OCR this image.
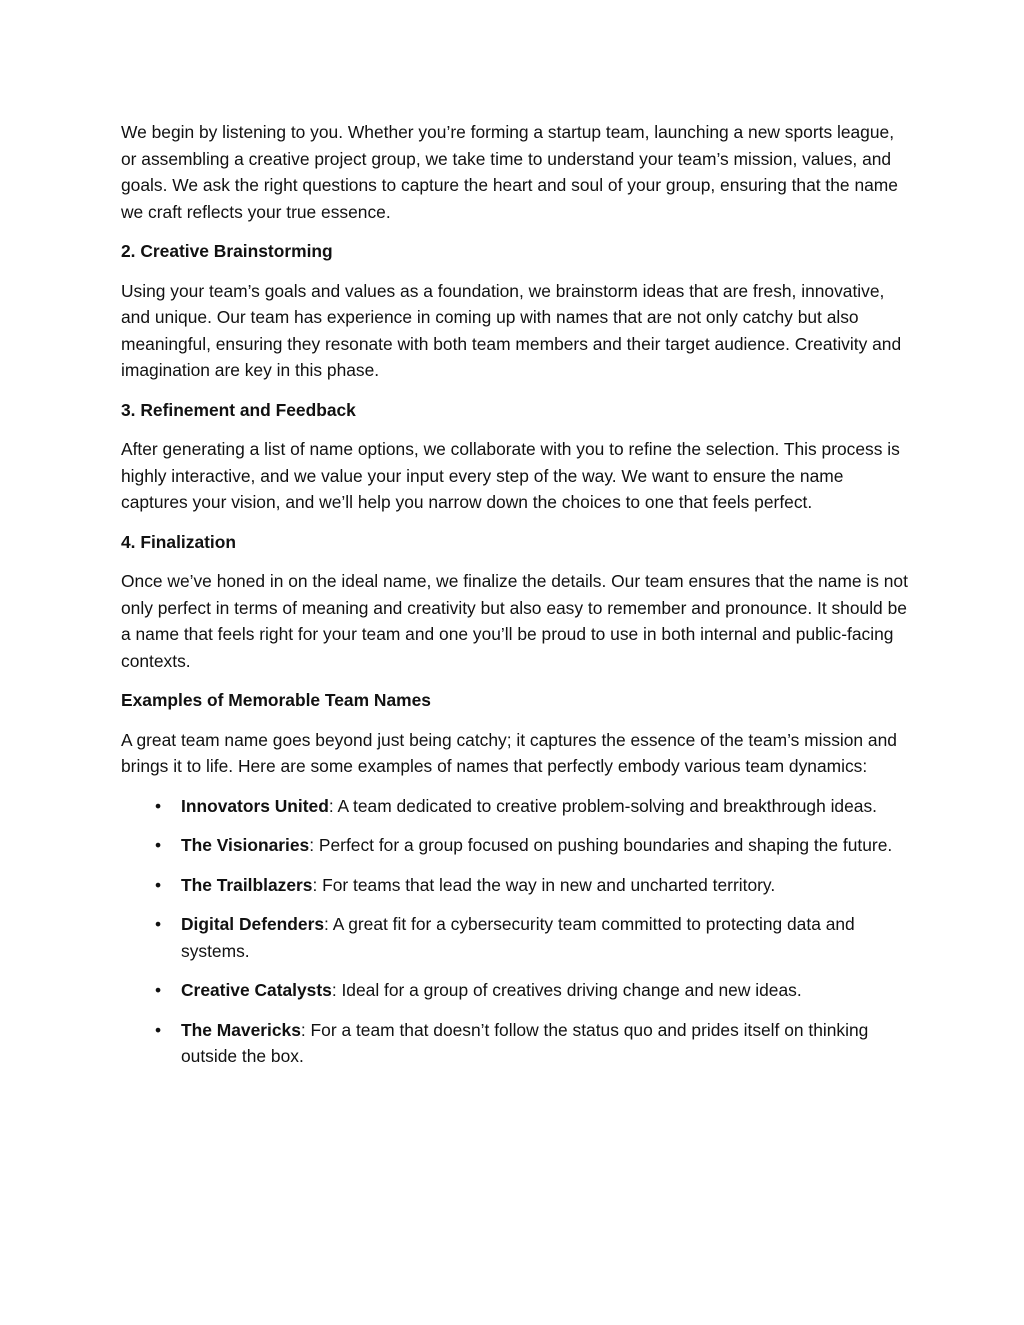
We begin by listening to you. Whether you’re forming a startup team, launching a new sports league, or assembling a creative project group, we take time to understand your team’s mission, values, and goals. We ask the right questions to capture the heart and soul of your group, ensuring that the name we craft reflects your true essence.

2. Creative Brainstorming

Using your team’s goals and values as a foundation, we brainstorm ideas that are fresh, innovative, and unique. Our team has experience in coming up with names that are not only catchy but also meaningful, ensuring they resonate with both team members and their target audience. Creativity and imagination are key in this phase.

3. Refinement and Feedback

After generating a list of name options, we collaborate with you to refine the selection. This process is highly interactive, and we value your input every step of the way. We want to ensure the name captures your vision, and we’ll help you narrow down the choices to one that feels perfect.

4. Finalization

Once we’ve honed in on the ideal name, we finalize the details. Our team ensures that the name is not only perfect in terms of meaning and creativity but also easy to remember and pronounce. It should be a name that feels right for your team and one you’ll be proud to use in both internal and public-facing contexts.

Examples of Memorable Team Names

A great team name goes beyond just being catchy; it captures the essence of the team’s mission and brings it to life. Here are some examples of names that perfectly embody various team dynamics:

• Innovators United: A team dedicated to creative problem-solving and breakthrough ideas.
• The Visionaries: Perfect for a group focused on pushing boundaries and shaping the future.
• The Trailblazers: For teams that lead the way in new and uncharted territory.
• Digital Defenders: A great fit for a cybersecurity team committed to protecting data and systems.
• Creative Catalysts: Ideal for a group of creatives driving change and new ideas.
• The Mavericks: For a team that doesn’t follow the status quo and prides itself on thinking outside the box.
